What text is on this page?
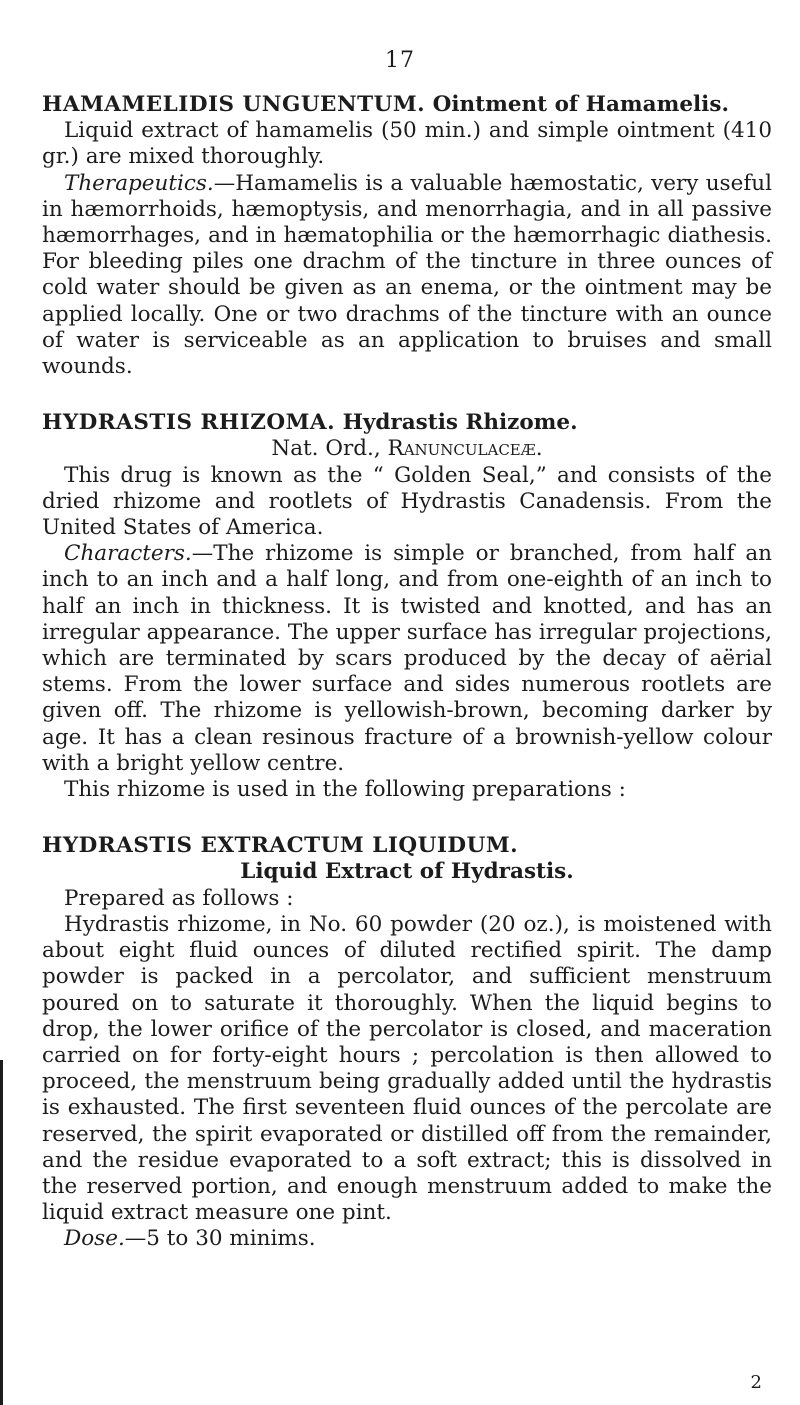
17

HAMAMELIDIS UNGUENTUM. Ointment of Hamamelis.

Liquid extract of hamamelis (50 min.) and simple ointment (410 gr.) are mixed thoroughly.

Therapeutics.—Hamamelis is a valuable hæmostatic, very useful in hæmorrhoids, hæmoptysis, and menorrhagia, and in all passive hæmorrhages, and in hæmatophilia or the hæmorrhagic diathesis. For bleeding piles one drachm of the tincture in three ounces of cold water should be given as an enema, or the ointment may be applied locally. One or two drachms of the tincture with an ounce of water is serviceable as an application to bruises and small wounds.

HYDRASTIS RHIZOMA. Hydrastis Rhizome.

Nat. Ord., Ranunculaceæ.

This drug is known as the “ Golden Seal,” and consists of the dried rhizome and rootlets of Hydrastis Canadensis. From the United States of America.

Characters.—The rhizome is simple or branched, from half an inch to an inch and a half long, and from one-eighth of an inch to half an inch in thickness. It is twisted and knotted, and has an irregular appearance. The upper surface has irregular projections, which are terminated by scars produced by the decay of aërial stems. From the lower surface and sides numerous rootlets are given off. The rhizome is yellowish-brown, becoming darker by age. It has a clean resinous fracture of a brownish-yellow colour with a bright yellow centre.

This rhizome is used in the following preparations :

HYDRASTIS EXTRACTUM LIQUIDUM.

Liquid Extract of Hydrastis.

Prepared as follows :

Hydrastis rhizome, in No. 60 powder (20 oz.), is moistened with about eight fluid ounces of diluted rectified spirit. The damp powder is packed in a percolator, and sufficient menstruum poured on to saturate it thoroughly. When the liquid begins to drop, the lower orifice of the percolator is closed, and maceration carried on for forty-eight hours ; percolation is then allowed to proceed, the menstruum being gradually added until the hydrastis is exhausted. The first seventeen fluid ounces of the percolate are reserved, the spirit evaporated or distilled off from the remainder, and the residue evaporated to a soft extract; this is dissolved in the reserved portion, and enough menstruum added to make the liquid extract measure one pint.

Dose.—5 to 30 minims.

2
